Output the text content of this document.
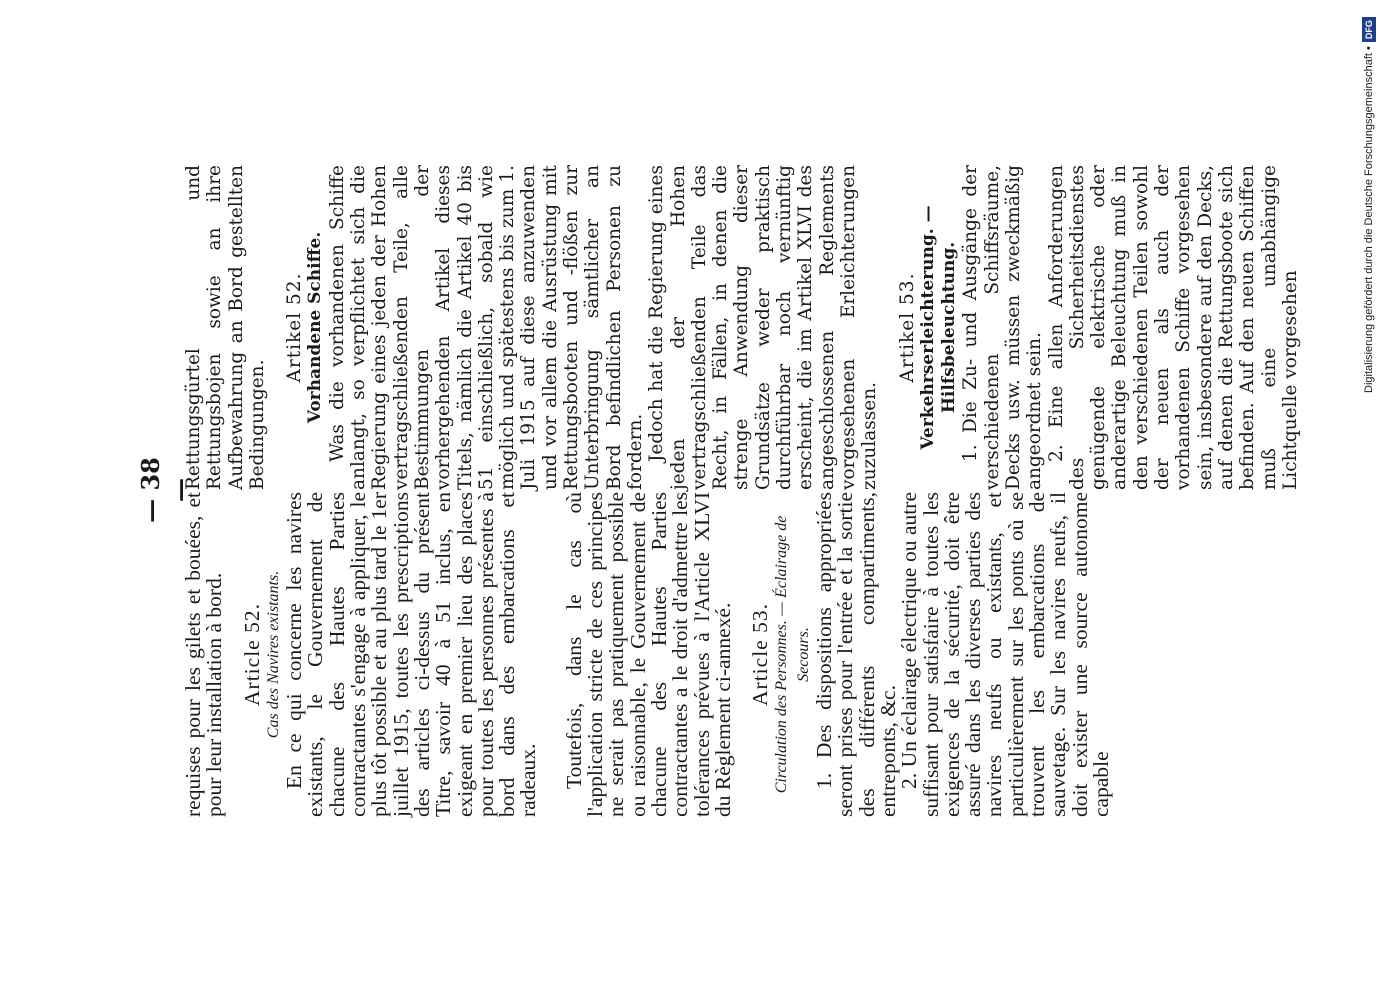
— 38 —
requises pour les gilets et bouées, et pour leur installation à bord. Article 52. Cas des Navires existants. En ce qui concerne les navires existants, le Gouvernement de chacune des Hautes Parties contractantes s'engage à appliquer, le plus tôt possible et au plus tard le 1er juillet 1915, toutes les prescriptions des articles ci-dessus du présent Titre, savoir 40 à 51 inclus, en exigeant en premier lieu des places pour toutes les personnes présentes à bord dans des embarcations et radeaux. Toutefois, dans le cas où l'application stricte de ces principes ne serait pas pratiquement possible ou raisonnable, le Gouvernement de chacune des Hautes Parties contractantes a le droit d'admettre les tolérances prévues à l'Article XLVI du Règlement ci-annexé. Article 53. Circulation des Personnes. — Éclairage de Secours. 1. Des dispositions appropriées seront prises pour l'entrée et la sortie des différents compartiments, entreponts, &c.
2. Un éclairage électrique ou autre suffisant pour satisfaire à toutes les exigences de la sécurité, doit être assuré dans les diverses parties des navires neufs ou existants, et particulièrement sur les ponts où se trouvent les embarcations de sauvetage. Sur les navires neufs, il doit exister une source autonome capable
Rettungsgürtel und Rettungsbojen sowie an ihre Aufbewahrung an Bord gestellten Bedingungen.
Artikel 52. Vorhandene Schiffe. Was die vorhandenen Schiffe anlangt, so verpflichtet sich die Regierung eines jeden der Hohen vertragschließenden Teile, alle Bestimmungen der vorhergehenden Artikel dieses Titels, nämlich die Artikel 40 bis 51 einschließlich, sobald wie möglich und spätestens bis zum 1. Juli 1915 auf diese anzuwenden und vor allem die Ausrüstung mit Rettungsbooten und -flößen zur Unterbringung sämtlicher an Bord befindlichen Personen zu fordern. Jedoch hat die Regierung eines jeden der Hohen vertragschließenden Teile das Recht, in Fällen, in denen die strenge Anwendung dieser Grundsätze weder praktisch durchführbar noch vernünftig erscheint, die im Artikel XLVI des angeschlossenen Reglements vorgesehenen Erleichterungen zuzulassen.
Artikel 53. Verkehrserleichterung. — Hilfsbeleuchtung. 1. Die Zu- und Ausgänge der verschiedenen Schiffsräume, Decks usw. müssen zweckmäßig angeordnet sein. 2. Eine allen Anforderungen des Sicherheitsdienstes genügende elektrische oder anderartige Beleuchtung muß in den verschiedenen Teilen sowohl der neuen als auch der vorhandenen Schiffe vorgesehen sein, insbesondere auf den Decks, auf denen die Rettungsboote sich befinden. Auf den neuen Schiffen muß eine unabhängige Lichtquelle vorgesehen	Digitalisierung gefördert durch die Deutsche Forschungsgemeinschaft •
DFG
